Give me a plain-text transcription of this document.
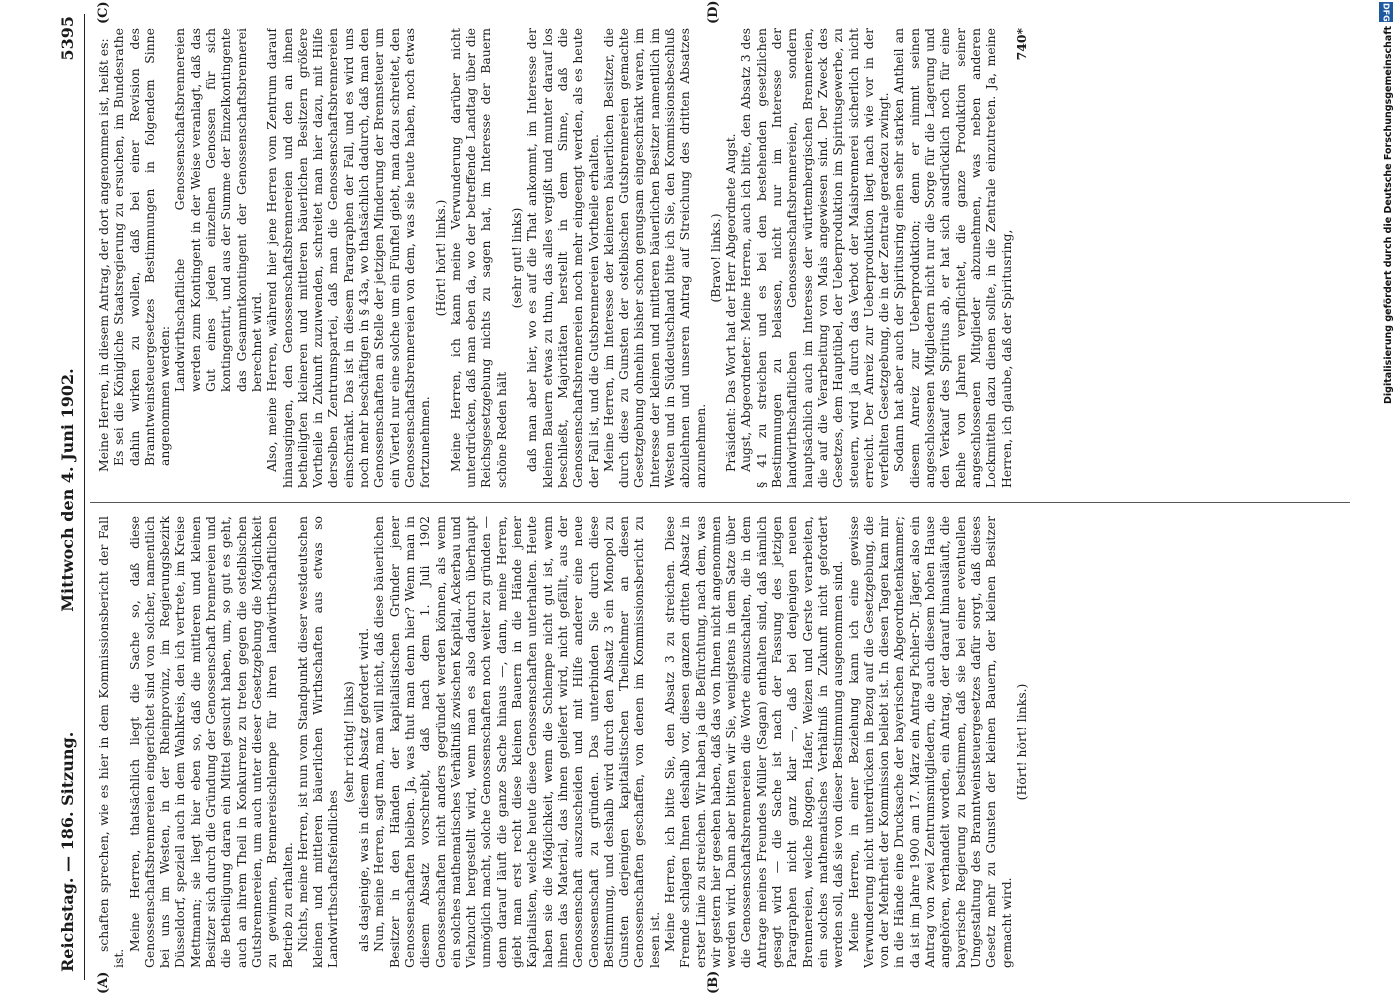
Reichstag. — 186. Sitzung.
Mittwoch den 4. Juni 1902.
5395
(A)	(B)
(C)	(D)

schaften sprechen, wie es hier in dem Kommissionsbericht der Fall ist.

Meine Herren, thatsächlich liegt die Sache so, daß diese Genossenschaftsbrennereien eingerichtet sind von solcher, namentlich bei uns im Westen, in der Rheinprovinz, im Regierungsbezirk Düsseldorf, speziell auch in dem Wahlkreis, den ich vertrete, im Kreise Mettmann; sie liegt hier eben so, daß die mittleren und kleinen Besitzer sich durch die Gründung der Genossenschaft brennereien und die Betheiligung daran ein Mittel gesucht haben, um, so gut es geht, auch an ihrem Theil in Konkurrenz zu treten gegen die ostelbischen Gutsbrennereien, um auch unter dieser Gesetzgebung die Möglichkeit zu gewinnen, Brennereischlempe für ihren landwirthschaftlichen Betrieb zu erhalten. Nichts, meine Herren, ist nun vom Standpunkt dieser westdeutschen kleinen und mittleren bäuerlichen Wirthschaften aus etwas so Landwirthschaftsfeindliches

(sehr richtig! links) als dasjenige, was in diesem Absatz gefordert wird. Nun, meine Herren, sagt man, man will nicht, daß diese bäuerlichen Besitzer in den Händen der kapitalistischen Gründer jener Genossenschaften bleiben. Ja, was thut man denn hier? Wenn man in diesem Absatz vorschreibt, daß nach dem 1. Juli 1902 Genossenschaften nicht anders gegründet werden können, als wenn ein solches mathematisches Verhältniß zwischen Kapital, Ackerbau und Viehzucht hergestellt wird, wenn man es also dadurch überhaupt unmöglich macht, solche Genossenschaften noch weiter zu gründen — denn darauf läuft die ganze Sache hinaus —, dann, meine Herren, giebt man erst recht diese kleinen Bauern in die Hände jener Kapitalisten, welche heute diese Genossenschaften unterhalten. Heute haben sie die Möglichkeit, wenn die Schlempe nicht gut ist, wenn ihnen das Material, das ihnen geliefert wird, nicht gefällt, aus der Genossenschaft auszuscheiden und mit Hilfe anderer eine neue Genossenschaft zu gründen. Das unterbinden Sie durch diese Bestimmung, und deshalb wird durch den Absatz 3 ein Monopol zu Gunsten derjenigen kapitalistischen Theilnehmer an diesen Genossenschaften geschaffen, von denen im Kommissionsbericht zu lesen ist. Meine Herren, ich bitte Sie, den Absatz 3 zu streichen. Diese Fremde schlagen Ihnen deshalb vor, diesen ganzen dritten Absatz in erster Linie zu streichen. Wir haben ja die Befürchtung, nach dem, was wir gestern hier gesehen haben, daß das von Ihnen nicht angenommen werden wird. Dann aber bitten wir Sie, wenigstens in dem Satze über die Genossenschaftsbrennereien die Worte einzuschalten, die in dem Antrage meines Freundes Müller (Sagan) enthalten sind, daß nämlich gesagt wird — die Sache ist nach der Fassung des jetzigen Paragraphen nicht ganz klar —, daß bei denjenigen neuen Brennereien, welche Roggen, Hafer, Weizen und Gerste verarbeiten, ein solches mathematisches Verhältniß in Zukunft nicht gefordert werden soll, daß sie von dieser Bestimmung ausgenommen sind. Meine Herren, in einer Beziehung kann ich eine gewisse Verwunderung nicht unterdrücken in Bezug auf die Gesetzgebung, die von der Mehrheit der Kommission beliebt ist. In diesen Tagen kam mir in die Hände eine Drucksache der bayerischen Abgeordnetenkammer; da ist im Jahre 1900 am 17. März ein Antrag Pichler-Dr. Jäger, also ein Antrag von zwei Zentrumsmitgliedern, die auch diesem hohen Hause angehören, verhandelt worden, ein Antrag, der darauf hinausläuft, die bayerische Regierung zu bestimmen, daß sie bei einer eventuellen Umgestaltung des Branntweinsteuergesetzes dafür sorgt, daß dieses Gesetz mehr zu Gunsten der kleinen Bauern, der kleinen Besitzer gemacht wird.

(Hört! hört! links.)

Meine Herren, in diesem Antrag, der dort angenommen ist, heißt es: Es sei die Königliche Staatsregierung zu ersuchen, im Bundesrathe dahin wirken zu wollen, daß bei einer Revision des Branntweinsteuergesetzes Bestimmungen in folgendem Sinne angenommen werden:

Landwirthschaftliche Genossenschaftsbrennereien werden zum Kontingent in der Weise veranlagt, daß das Gut eines jeden einzelnen Genossen für sich kontingentirt, und aus der Summe der Einzelkontingente das Gesammtkontingent der Genossenschaftsbrennerei berechnet wird. Also, meine Herren, während hier jene Herren vom Zentrum darauf hinausgingen, den Genossenschaftsbrennereien und den an ihnen betheiligten kleineren und mittleren bäuerlichen Besitzern größere Vortheile in Zukunft zuzuwenden, schreitet man hier dazu, mit Hilfe derselben Zentrumspartei, daß man die Genossenschaftsbrennereien einschränkt. Das ist in diesem Paragraphen der Fall, und es wird uns noch mehr beschäftigen in § 43a, wo thatsächlich dadurch, daß man den Genossenschaften an Stelle der jetzigen Minderung der Brennsteuer um ein Viertel nur eine solche um ein Fünftel giebt, man dazu schreitet, den Genossenschaftsbrennereien von dem, was sie heute haben, noch etwas fortzunehmen.

(Hört! hört! links.) Meine Herren, ich kann meine Verwunderung darüber nicht unterdrücken, daß man eben da, wo der betreffende Landtag über die Reichsgesetzgebung nichts zu sagen hat, im Interesse der Bauern schöne Reden hält

(sehr gut! links) daß man aber hier, wo es auf die That ankommt, im Interesse der kleinen Bauern etwas zu thun, das alles vergißt und munter darauf los beschließt, Majoritäten herstellt in dem Sinne, daß die Genossenschaftsbrennereien noch mehr eingeengt werden, als es heute der Fall ist, und die Gutsbrennereien Vortheile erhalten. Meine Herren, im Interesse der kleineren bäuerlichen Besitzer, die durch diese zu Gunsten der ostelbischen Gutsbrennereien gemachte Gesetzgebung ohnehin bisher schon genugsam eingeschränkt waren, im Interesse der kleinen und mittleren bäuerlichen Besitzer namentlich im Westen und in Süddeutschland bitte ich Sie, den Kommissionsbeschluß abzulehnen und unseren Antrag auf Streichung des dritten Absatzes anzunehmen.

(Bravo! links.) Präsident: Das Wort hat der Herr Abgeordnete Augst. Augst, Abgeordneter: Meine Herren, auch ich bitte, den Absatz 3 des § 41 zu streichen und es bei den bestehenden gesetzlichen Bestimmungen zu belassen, nicht nur im Interesse der landwirthschaftlichen Genossenschaftsbrennereien, sondern hauptsächlich auch im Interesse der württembergischen Brennereien, die auf die Verarbeitung von Mais angewiesen sind. Der Zweck des Gesetzes, dem Hauptübel, der Ueberproduktion im Spiritusgewerbe, zu steuern, wird ja durch das Verbot der Maisbrennerei sicherlich nicht erreicht. Der Anreiz zur Ueberproduktion liegt nach wie vor in der verfehlten Gesetzgebung, die in der Zentrale geradezu zwingt. Sodann hat aber auch der Spiritusring einen sehr starken Antheil an diesem Anreiz zur Ueberproduktion; denn er nimmt seinen angeschlossenen Mitgliedern nicht nur die Sorge für die Lagerung und den Verkauf des Spiritus ab, er hat sich ausdrücklich noch für eine Reihe von Jahren verpflichtet, die ganze Produktion seiner angeschlossenen Mitglieder abzunehmen, was neben anderen Lockmitteln dazu dienen sollte, in die Zentrale einzutreten. Ja, meine Herren, ich glaube, daß der Spiritusring,

740*

DFG
Digitalisierung gefördert durch die Deutsche Forschungsgemeinschaft
